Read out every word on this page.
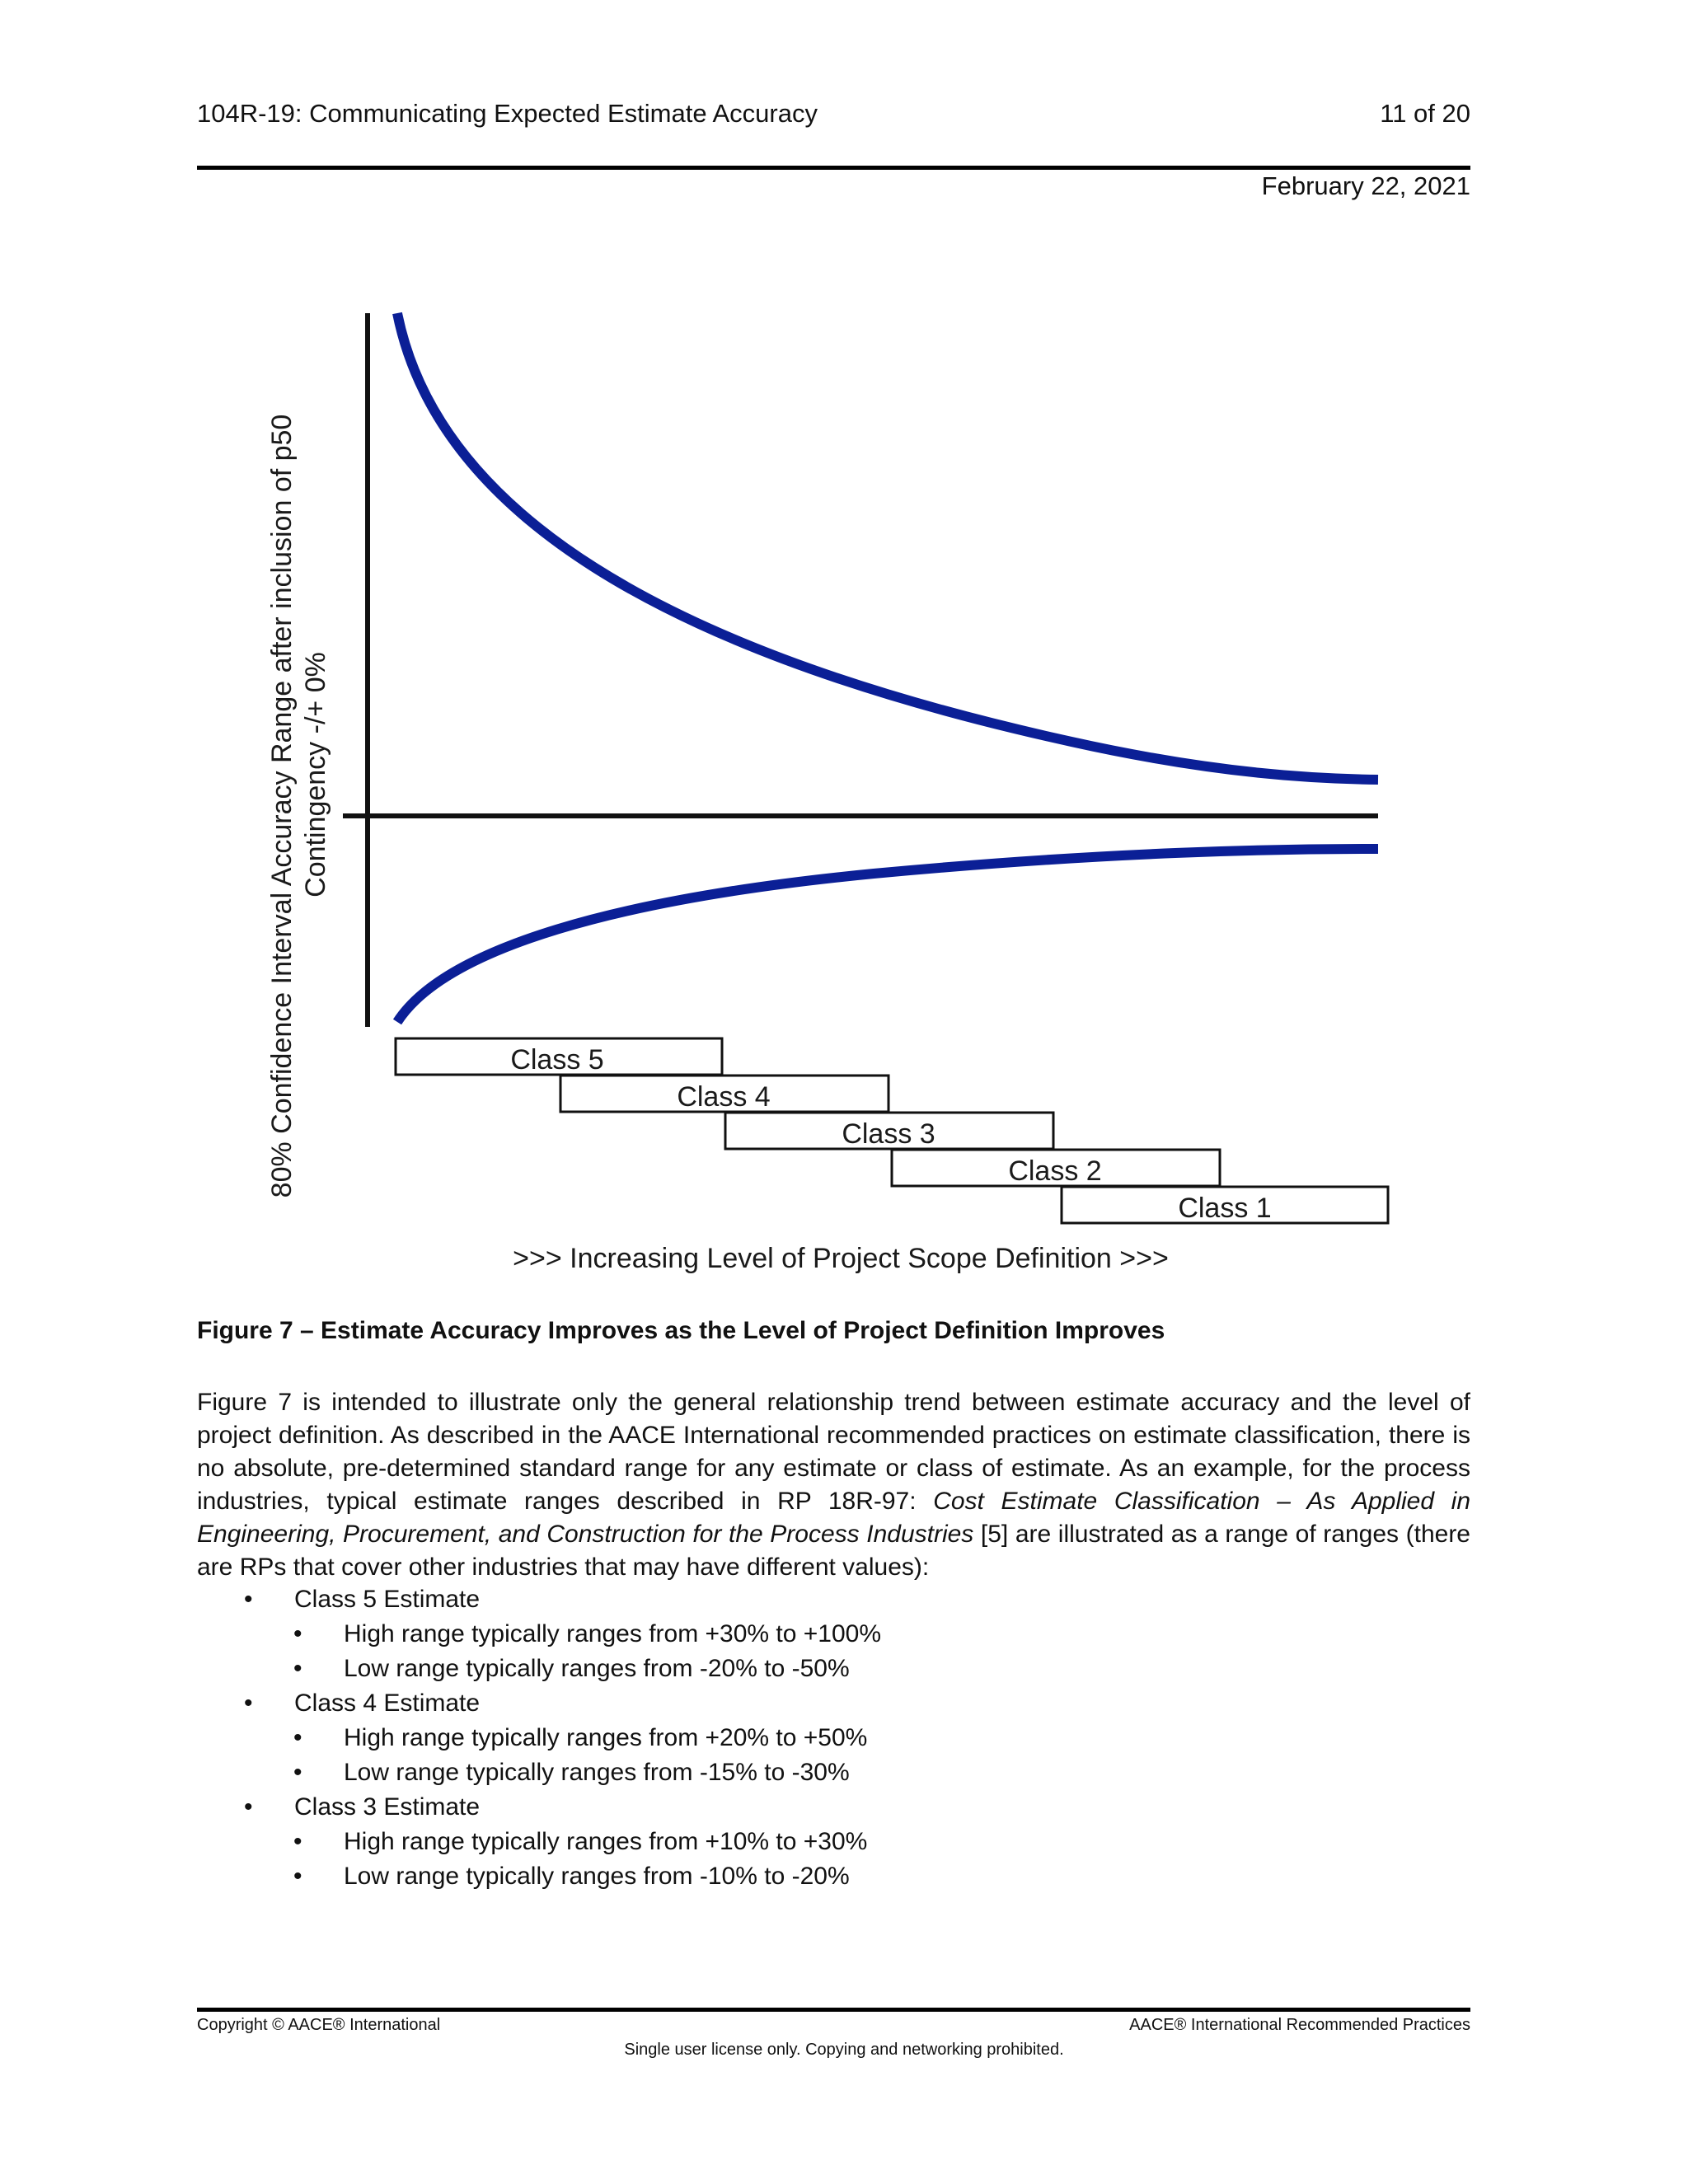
104R-19: Communicating Expected Estimate Accuracy	11 of 20
February 22, 2021
80% Confidence Interval Accuracy Range after inclusion of p50 Contingency -/+ 0%
Class 5
Class 4
Class 3
Class 2
Class 1
>>> Increasing Level of Project Scope Definition >>>
Figure 7 – Estimate Accuracy Improves as the Level of Project Definition Improves
Figure 7 is intended to illustrate only the general relationship trend between estimate accuracy and the level of project definition. As described in the AACE International recommended practices on estimate classification, there is no absolute, pre-determined standard range for any estimate or class of estimate. As an example, for the process industries, typical estimate ranges described in RP 18R-97: Cost Estimate Classification – As Applied in Engineering, Procurement, and Construction for the Process Industries [5] are illustrated as a range of ranges (there are RPs that cover other industries that may have different values):
• Class 5 Estimate
• High range typically ranges from +30% to +100%
• Low range typically ranges from -20% to -50%
• Class 4 Estimate
• High range typically ranges from +20% to +50%
• Low range typically ranges from -15% to -30%
• Class 3 Estimate
• High range typically ranges from +10% to +30%
• Low range typically ranges from -10% to -20%
Copyright © AACE® International	AACE® International Recommended Practices
Single user license only. Copying and networking prohibited.
